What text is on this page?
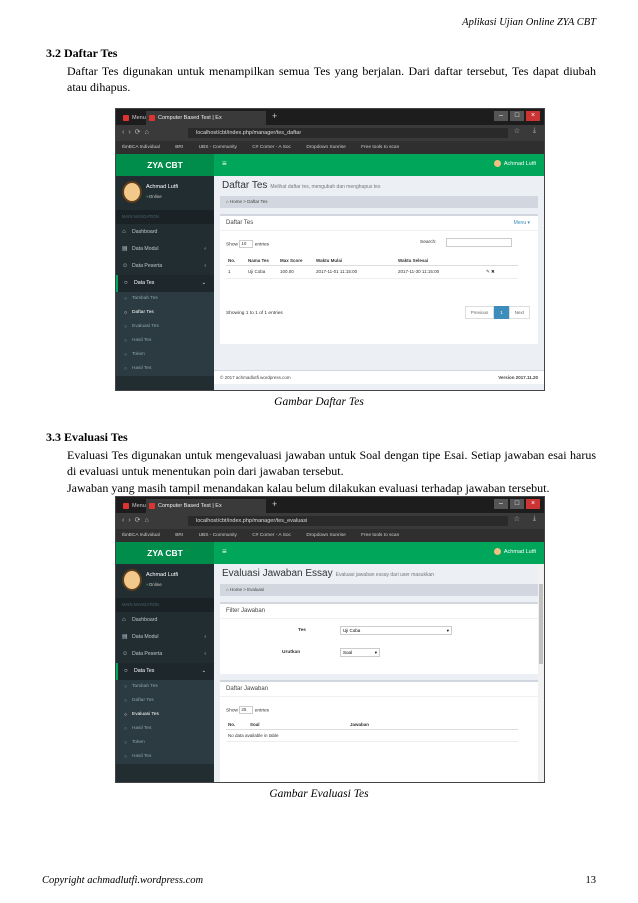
Aplikasi Ujian Online ZYA CBT
3.2 Daftar Tes

Daftar Tes digunakan untuk menampilkan semua Tes yang berjalan. Dari daftar tersebut, Tes dapat diubah atau dihapus.

Menu	Computer Based Test | Ex	+	–	□	×
‹›⟳⌂	localhost/cbt/index.php/manager/tes_daftar	☆ ⤓
IbnBCA Individual	BRI	UBS - Community	C# Corner - A Soc	Dropdown Sunrise	Free tools to scan
ZYA CBT	≡	Achmad Lutfi
Achmad Lutfi
● Online
MAIN NAVIGATION
⌂ Dashboard
▤ Data Modul	‹
☺ Data Peserta	‹
○ Data Tes	⌄
○ Tambah Tes
○ Daftar Tes
○ Evaluasi Tes
○ Hasil Tes
○ Token
○ Hasil Tes
Daftar Tes Melihat daftar tes, mengubah dan menghapus tes
⌂ Home > Daftar Tes
Daftar Tes	Menu ▾
Show 10 entries	Search:
No.	Nama Tes	Max Score	Waktu Mulai	Waktu Selesai	
1	Uji Coba	100.00	2017-11-01 11:15:00	2017-11-30 11:15:00	✎ ✖
Showing 1 to 1 of 1 entries	Previous	1	Next
© 2017 achmadlutfi.wordpress.com	Version 2017.11.20
Gambar Daftar Tes
3.3 Evaluasi Tes

Evaluasi Tes digunakan untuk mengevaluasi jawaban untuk Soal dengan tipe Esai. Setiap jawaban esai harus di evaluasi untuk menentukan poin dari jawaban tersebut.

Jawaban yang masih tampil menandakan kalau belum dilakukan evaluasi terhadap jawaban tersebut.

Menu	Computer Based Test | Ex	+	–	□	×
‹›⟳⌂	localhost/cbt/index.php/manager/tes_evaluasi	☆ ⤓
IbnBCA Individual	BRI	UBS - Community	C# Corner - A Soc	Dropdown Sunrise	Free tools to scan
ZYA CBT	≡	Achmad Lutfi
Achmad Lutfi
● Online
MAIN NAVIGATION
⌂ Dashboard
▤ Data Modul	‹
☺ Data Peserta	‹
○ Data Tes	⌄
○ Tambah Tes
○ Daftar Tes
○ Evaluasi Tes
○ Hasil Tes
○ Token
○ Hasil Tes
Evaluasi Jawaban Essay Evaluasi jawaban essay dari user masukkan
⌂ Home > Evaluasi
Filter Jawaban
Tes	Uji Coba	▾
Urutkan	Soal	▾
Daftar Jawaban
Show 25 entries
No.	Soal	Jawaban
No data available in table
Gambar Evaluasi Tes
Copyright achmadlutfi.wordpress.com	13
